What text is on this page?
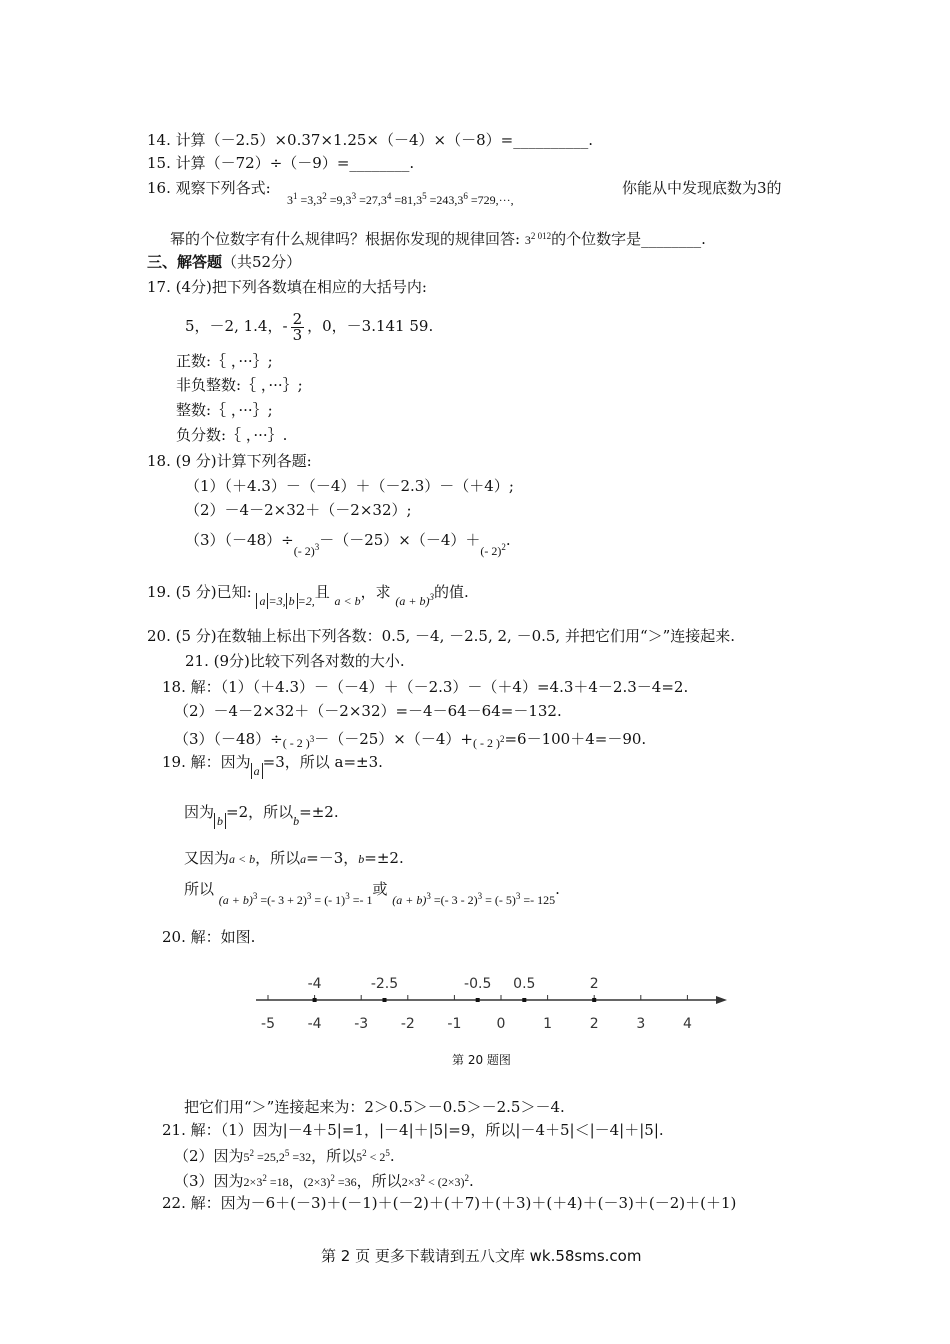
14. 计算（－2.5）×0.37×1.25×（－4）×（－8）=__________.
15. 计算（－72）÷（－9）=________.
16. 观察下列各式:
$3^1 =3,3^2 =9,3^3 =27,3^4 =81,3^5 =243,3^6 =729,\cdot\cdot\cdot$,
你能从中发现底数为3的
幂的个位数字有什么规律吗？根据你发现的规律回答: $3^{2 012}$的个位数字是________.
三、解答题（共52分）
17. (4分)把下列各数填在相应的大括号内:
5，－2, 1.4，- $\frac{2}{3}$ ，0，－3.141 59.
正数:｛ ，···｝;
非负整数:｛ ，···｝;
整数:｛ ，···｝;
负分数:｛ ，···｝.
18. (9 分)计算下列各题:
（1）（＋4.3）－（－4）＋（－2.3）－（＋4）;
（2）－4－2×32＋（－2×32）;
$(3)(-48)\div_{(- 2)^3}-(-25)\times(-4)+_{(- 2)^2}$.
19. (5 分)已知: $_{a =3, b =2,}$且 $_{a < b}$，求 $_{(a + b)^3}$的值.
20. (5 分)在数轴上标出下列各数：0.5, －4, －2.5, 2, －0.5, 并把它们用“＞”连接起来.
21. (9分)比较下列各对数的大小.
18. 解：（1）（＋4.3）－（－4）＋（－2.3）－（＋4）=4.3＋4－2.3－4=2.
（2）－4－2×32＋（－2×32）=－4－64－64=－132.
$(3)(-48)\div_{( - 2 )^3}-(-25)\times(-4)+_{( - 2 )^2}=6-100+4=-90$.
19. 解：因为 a =3，所以 a=±3.
因为 b =2，所以$_b$=±2.
又因为a < b，所以a=－3，b=±2.
所以 $_{(a + b)^3 =(- 3 + 2)^3 = (- 1)^3 =- 1}$或 $_{(a + b)^3 =(- 3 - 2)^3 = (- 5)^3 =- 125}$.
20. 解：如图.
-5 -4 -3 -2 -1	0	1	2	3	4
-4	-2.5	-0.5 0.5	2
第 20 题图
把它们用“＞”连接起来为：2＞0.5＞－0.5＞－2.5＞－4.
21. 解：（1）因为|－4＋5|=1，|－4|＋|5|=9，所以|－4＋5|＜|－4|＋|5|.
（2）因为$5^2 =25,2^5 =32$，所以$5^2 < 2^5$.
（3）因为$2\times 3^2 =18$，$(2\times 3)^2 =36$，所以$2\times 3^2 < (2\times 3)^2$.
22. 解：因为－6＋(－3)＋(－1)＋(－2)＋(＋7)＋(＋3)＋(＋4)＋(－3)＋(－2)＋(＋1)
第 2 页 更多下载请到五八文库 wk.58sms.com
